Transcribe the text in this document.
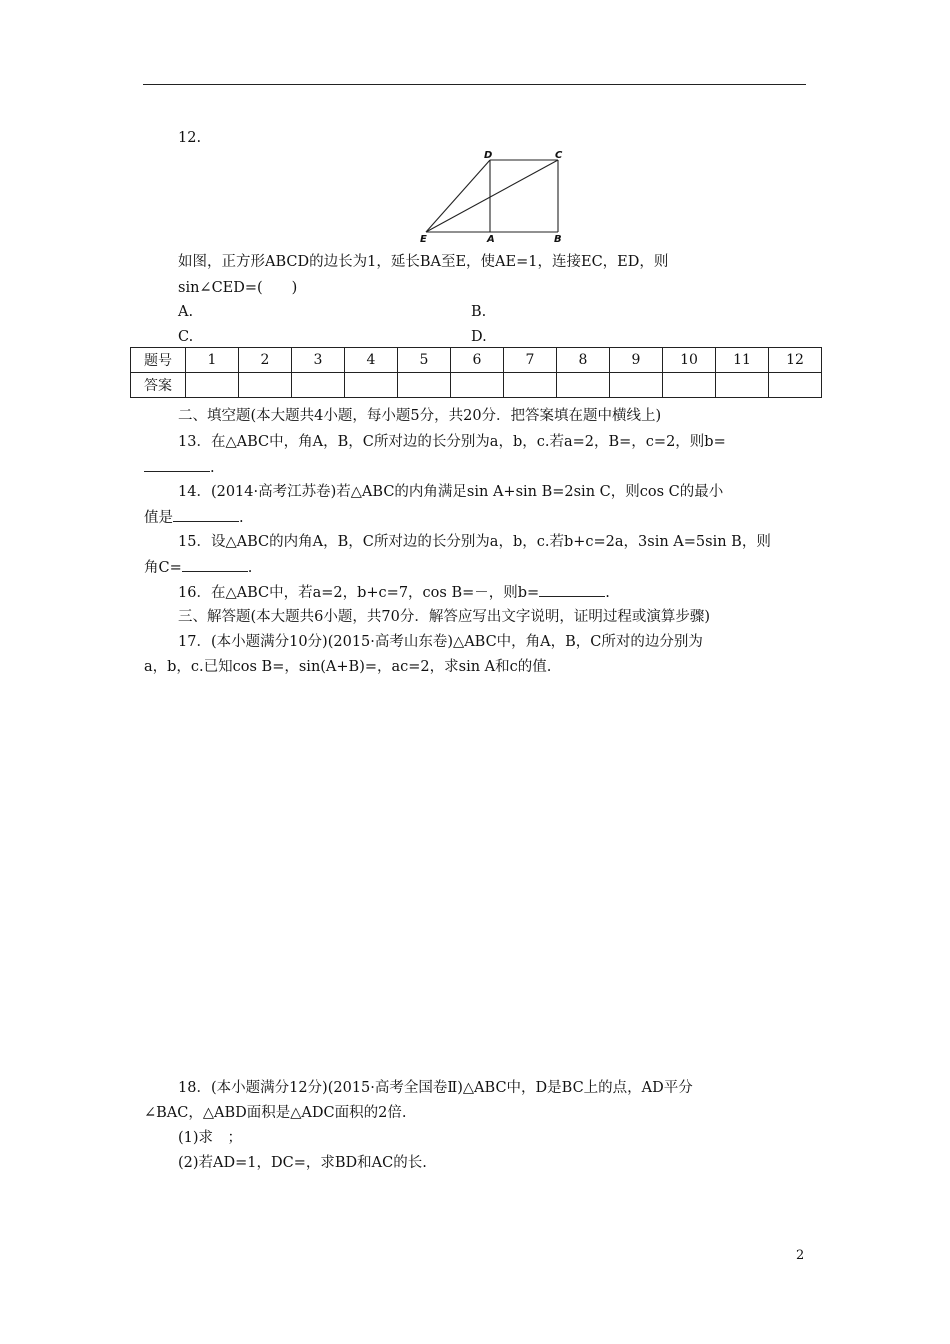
12.
D	C
E	A	B
如图，正方形ABCD的边长为1，延长BA至E，使AE=1，连接EC，ED，则
sin∠CED=(　　)
A.	B.
C.	D.
题号	1	2	3	4	5	6	7	8	9	10	11	12
答案												
二、填空题(本大题共4小题，每小题5分，共20分．把答案填在题中横线上)
13．在△ABC中，角A，B，C所对边的长分别为a，b，c.若a=2，B=，c=2，则b=
.
14．(2014·高考江苏卷)若△ABC的内角满足sin A+sin B=2sin C，则cos C的最小
值是	.
15．设△ABC的内角A，B，C所对边的长分别为a，b，c.若b+c=2a，3sin A=5sin B，则
角C=	.
16．在△ABC中，若a=2，b+c=7，cos B=－，则b=	.
三、解答题(本大题共6小题，共70分．解答应写出文字说明，证明过程或演算步骤)
17．(本小题满分10分)(2015·高考山东卷)△ABC中，角A，B，C所对的边分别为
a，b，c.已知cos B=，sin(A+B)=，ac=2，求sin A和c的值.
18．(本小题满分12分)(2015·高考全国卷Ⅱ)△ABC中，D是BC上的点，AD平分
∠BAC，△ABD面积是△ADC面积的2倍.
(1)求　；
(2)若AD=1，DC=，求BD和AC的长.
2
